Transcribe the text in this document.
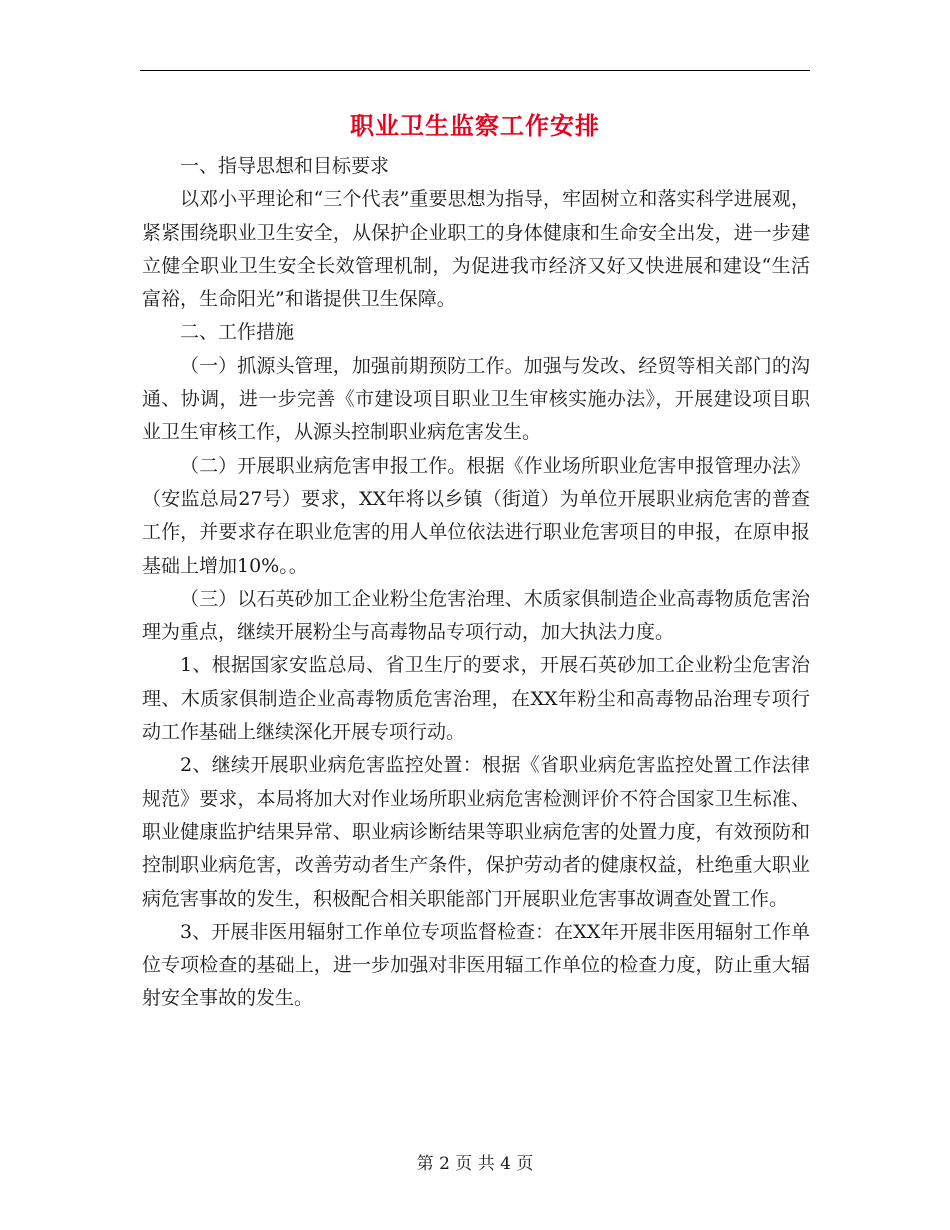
职业卫生监察工作安排

一、指导思想和目标要求

以邓小平理论和“三个代表”重要思想为指导，牢固树立和落实科学进展观，紧紧围绕职业卫生安全，从保护企业职工的身体健康和生命安全出发，进一步建立健全职业卫生安全长效管理机制，为促进我市经济又好又快进展和建设“生活富裕，生命阳光”和谐提供卫生保障。

二、工作措施

（一）抓源头管理，加强前期预防工作。加强与发改、经贸等相关部门的沟通、协调，进一步完善《市建设项目职业卫生审核实施办法》，开展建设项目职业卫生审核工作，从源头控制职业病危害发生。

（二）开展职业病危害申报工作。根据《作业场所职业危害申报管理办法》（安监总局27号）要求，XX年将以乡镇（街道）为单位开展职业病危害的普查工作，并要求存在职业危害的用人单位依法进行职业危害项目的申报，在原申报基础上增加10%。。

（三）以石英砂加工企业粉尘危害治理、木质家俱制造企业高毒物质危害治理为重点，继续开展粉尘与高毒物品专项行动，加大执法力度。

1、根据国家安监总局、省卫生厅的要求，开展石英砂加工企业粉尘危害治理、木质家俱制造企业高毒物质危害治理，在XX年粉尘和高毒物品治理专项行动工作基础上继续深化开展专项行动。

2、继续开展职业病危害监控处置：根据《省职业病危害监控处置工作法律规范》要求，本局将加大对作业场所职业病危害检测评价不符合国家卫生标准、职业健康监护结果异常、职业病诊断结果等职业病危害的处置力度，有效预防和控制职业病危害，改善劳动者生产条件，保护劳动者的健康权益，杜绝重大职业病危害事故的发生，积极配合相关职能部门开展职业危害事故调查处置工作。

3、开展非医用辐射工作单位专项监督检查：在XX年开展非医用辐射工作单位专项检查的基础上，进一步加强对非医用辐工作单位的检查力度，防止重大辐射安全事故的发生。

第 2 页 共 4 页
